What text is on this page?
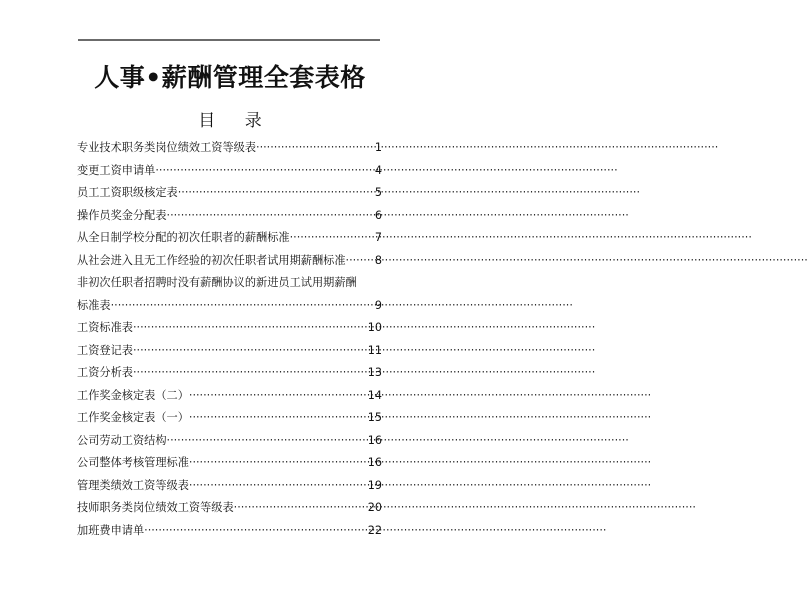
人事•薪酬管理全套表格
目 录
专业技术职务类岗位绩效工资等级表 ·····	1
变更工资申请单 ·····	4
员工工资职级核定表 ·····	5
操作员奖金分配表 ·····	6
从全日制学校分配的初次任职者的薪酬标准 ·····	7
从社会进入且无工作经验的初次任职者试用期薪酬标准 ·····	8
非初次任职者招聘时没有薪酬协议的新进员工试用期薪酬
标准表 ·····	9
工资标准表 ·····	10
工资登记表 ·····	11
工资分析表 ·····	13
工作奖金核定表（二） ·····	14
工作奖金核定表（一） ·····	15
公司劳动工资结构 ·····	16
公司整体考核管理标准 ·····	16
管理类绩效工资等级表 ·····	19
技师职务类岗位绩效工资等级表 ·····	20
加班费申请单 ·····	22
